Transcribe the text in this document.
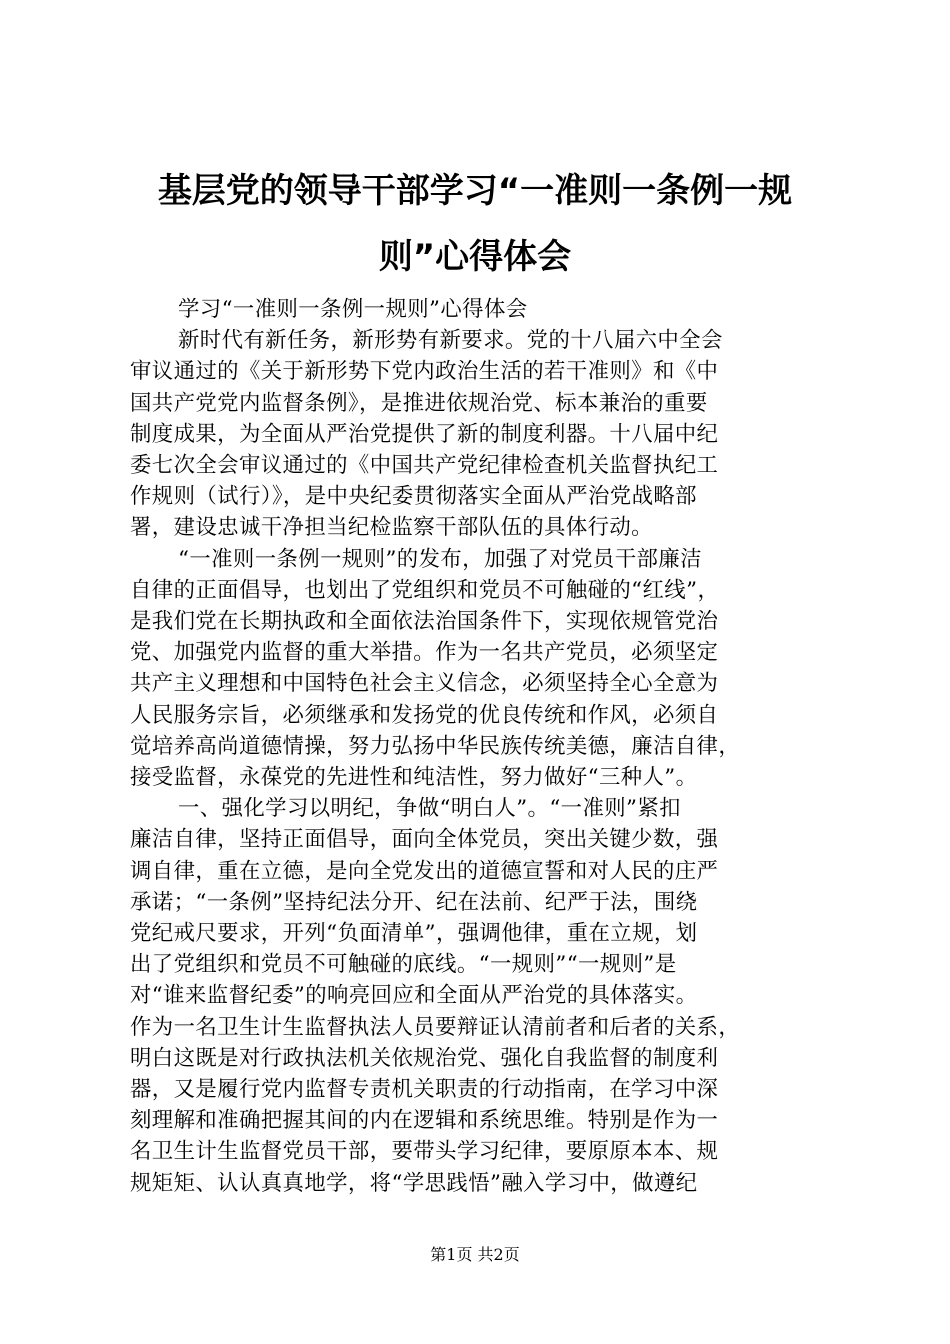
基层党的领导干部学习“一准则一条例一规
则”心得体会
学习“一准则一条例一规则”心得体会
新时代有新任务，新形势有新要求。党的十八届六中全会
审议通过的《关于新形势下党内政治生活的若干准则》和《中
国共产党党内监督条例》，是推进依规治党、标本兼治的重要
制度成果，为全面从严治党提供了新的制度利器。十八届中纪
委七次全会审议通过的《中国共产党纪律检查机关监督执纪工
作规则（试行）》，是中央纪委贯彻落实全面从严治党战略部
署，建设忠诚干净担当纪检监察干部队伍的具体行动。
“一准则一条例一规则”的发布，加强了对党员干部廉洁
自律的正面倡导，也划出了党组织和党员不可触碰的“红线”，
是我们党在长期执政和全面依法治国条件下，实现依规管党治
党、加强党内监督的重大举措。作为一名共产党员，必须坚定
共产主义理想和中国特色社会主义信念，必须坚持全心全意为
人民服务宗旨，必须继承和发扬党的优良传统和作风，必须自
觉培养高尚道德情操，努力弘扬中华民族传统美德，廉洁自律，
接受监督，永葆党的先进性和纯洁性，努力做好“三种人”。
一、强化学习以明纪，争做“明白人”。“一准则”紧扣
廉洁自律，坚持正面倡导，面向全体党员，突出关键少数，强
调自律，重在立德，是向全党发出的道德宣誓和对人民的庄严
承诺；“一条例”坚持纪法分开、纪在法前、纪严于法，围绕
党纪戒尺要求，开列“负面清单”，强调他律，重在立规，划
出了党组织和党员不可触碰的底线。“一规则”“一规则”是
对“谁来监督纪委”的响亮回应和全面从严治党的具体落实。
作为一名卫生计生监督执法人员要辩证认清前者和后者的关系，
明白这既是对行政执法机关依规治党、强化自我监督的制度利
器，又是履行党内监督专责机关职责的行动指南，在学习中深
刻理解和准确把握其间的内在逻辑和系统思维。特别是作为一
名卫生计生监督党员干部，要带头学习纪律，要原原本本、规
规矩矩、认认真真地学，将“学思践悟”融入学习中，做遵纪
第1页 共2页
